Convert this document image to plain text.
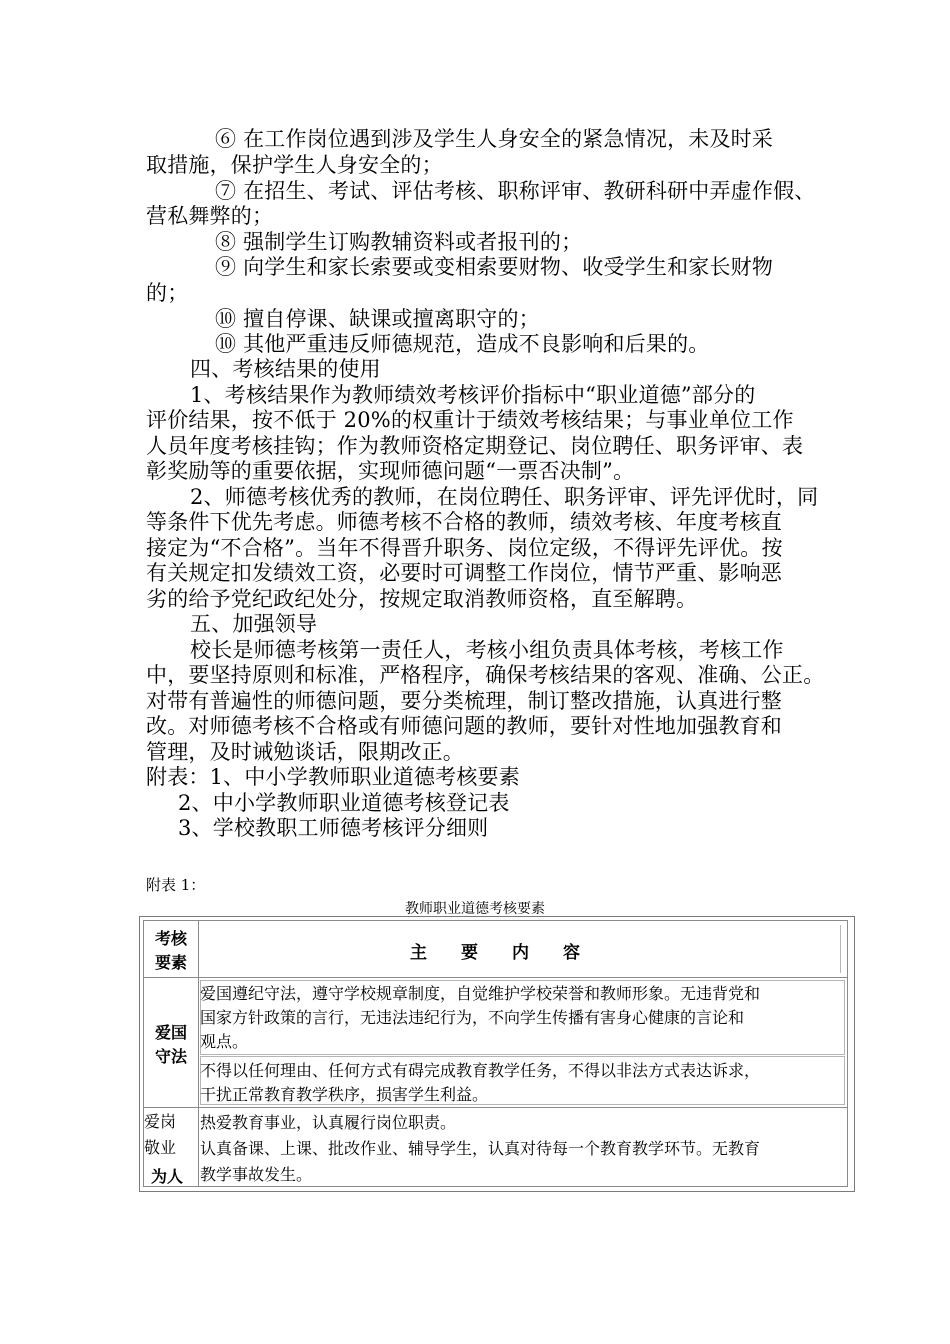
⑥ 在工作岗位遇到涉及学生人身安全的紧急情况，未及时采
取措施，保护学生人身安全的；
⑦ 在招生、考试、评估考核、职称评审、教研科研中弄虚作假、
营私舞弊的；
⑧ 强制学生订购教辅资料或者报刊的；
⑨ 向学生和家长索要或变相索要财物、收受学生和家长财物
的；
⑩ 擅自停课、缺课或擅离职守的；
⑩ 其他严重违反师德规范，造成不良影响和后果的。
四、考核结果的使用
1、考核结果作为教师绩效考核评价指标中“职业道德”部分的
评价结果，按不低于 20%的权重计于绩效考核结果；与事业单位工作
人员年度考核挂钩；作为教师资格定期登记、岗位聘任、职务评审、表
彰奖励等的重要依据，实现师德问题“一票否决制”。
2、师德考核优秀的教师，在岗位聘任、职务评审、评先评优时，同
等条件下优先考虑。师德考核不合格的教师，绩效考核、年度考核直
接定为“不合格”。当年不得晋升职务、岗位定级，不得评先评优。按
有关规定扣发绩效工资，必要时可调整工作岗位，情节严重、影响恶
劣的给予党纪政纪处分，按规定取消教师资格，直至解聘。
五、加强领导
校长是师德考核第一责任人，考核小组负责具体考核，考核工作
中，要坚持原则和标准，严格程序，确保考核结果的客观、准确、公正。
对带有普遍性的师德问题，要分类梳理，制订整改措施，认真进行整
改。对师德考核不合格或有师德问题的教师，要针对性地加强教育和
管理，及时诫勉谈话，限期改正。
附表：1、中小学教师职业道德考核要素
2、中小学教师职业道德考核登记表
3、学校教职工师德考核评分细则
附表 1：
教师职业道德考核要素
考核
要素	主　　要　　内　　容
爱国
守法
爱国遵纪守法，遵守学校规章制度，自觉维护学校荣誉和教师形象。无违背党和
国家方针政策的言行，无违法违纪行为，不向学生传播有害身心健康的言论和
观点。
不得以任何理由、任何方式有碍完成教育教学任务，不得以非法方式表达诉求，
干扰正常教育教学秩序，损害学生利益。
爱岗
敬业
为人
热爱教育事业，认真履行岗位职责。
认真备课、上课、批改作业、辅导学生，认真对待每一个教育教学环节。无教育
教学事故发生。
